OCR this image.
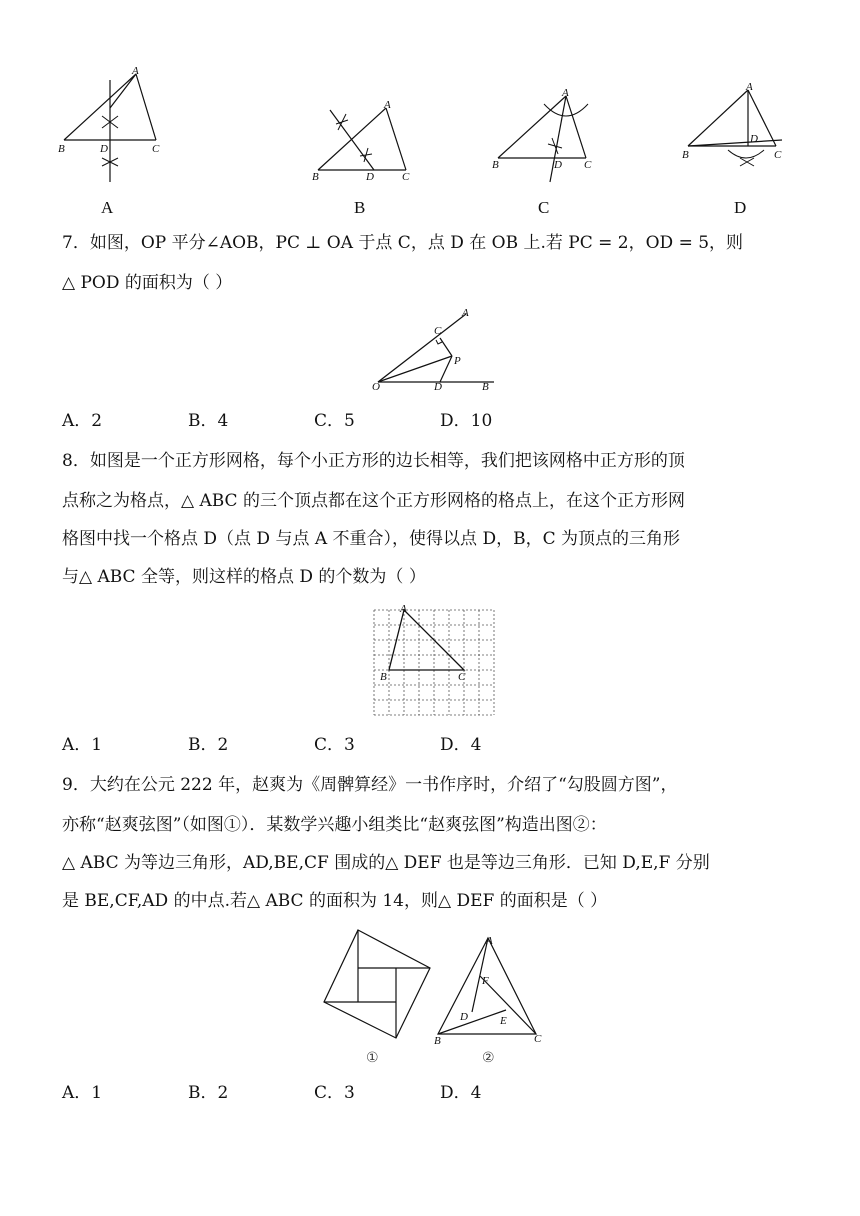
A
B	D	C
A
A
B	D	C
B
A
B	D C
C
A
B
D
C
D
7．如图，OP 平分∠AOB，PC ⊥ OA 于点 C，点 D 在 OB 上.若 PC = 2，OD = 5，则
△ POD 的面积为（ ）
C
A
P
O	D	B
A．2	B．4	C．5	D．10
8．如图是一个正方形网格，每个小正方形的边长相等，我们把该网格中正方形的顶
点称之为格点，△ ABC 的三个顶点都在这个正方形网格的格点上，在这个正方形网
格图中找一个格点 D（点 D 与点 A 不重合），使得以点 D，B，C 为顶点的三角形
与△ ABC 全等，则这样的格点 D 的个数为（ ）
A
B	C
A．1	B．2	C．3	D．4
9．大约在公元 222 年，赵爽为《周髀算经》一书作序时，介绍了“勾股圆方图”，
亦称“赵爽弦图”（如图①）．某数学兴趣小组类比“赵爽弦图”构造出图②：
△ ABC 为等边三角形，AD,BE,CF 围成的△ DEF 也是等边三角形．已知 D,E,F 分别
是 BE,CF,AD 的中点.若△ ABC 的面积为 14，则△ DEF 的面积是（ ）
①
A
F
D	E
B	C
②
A．1	B．2	C．3	D．4
